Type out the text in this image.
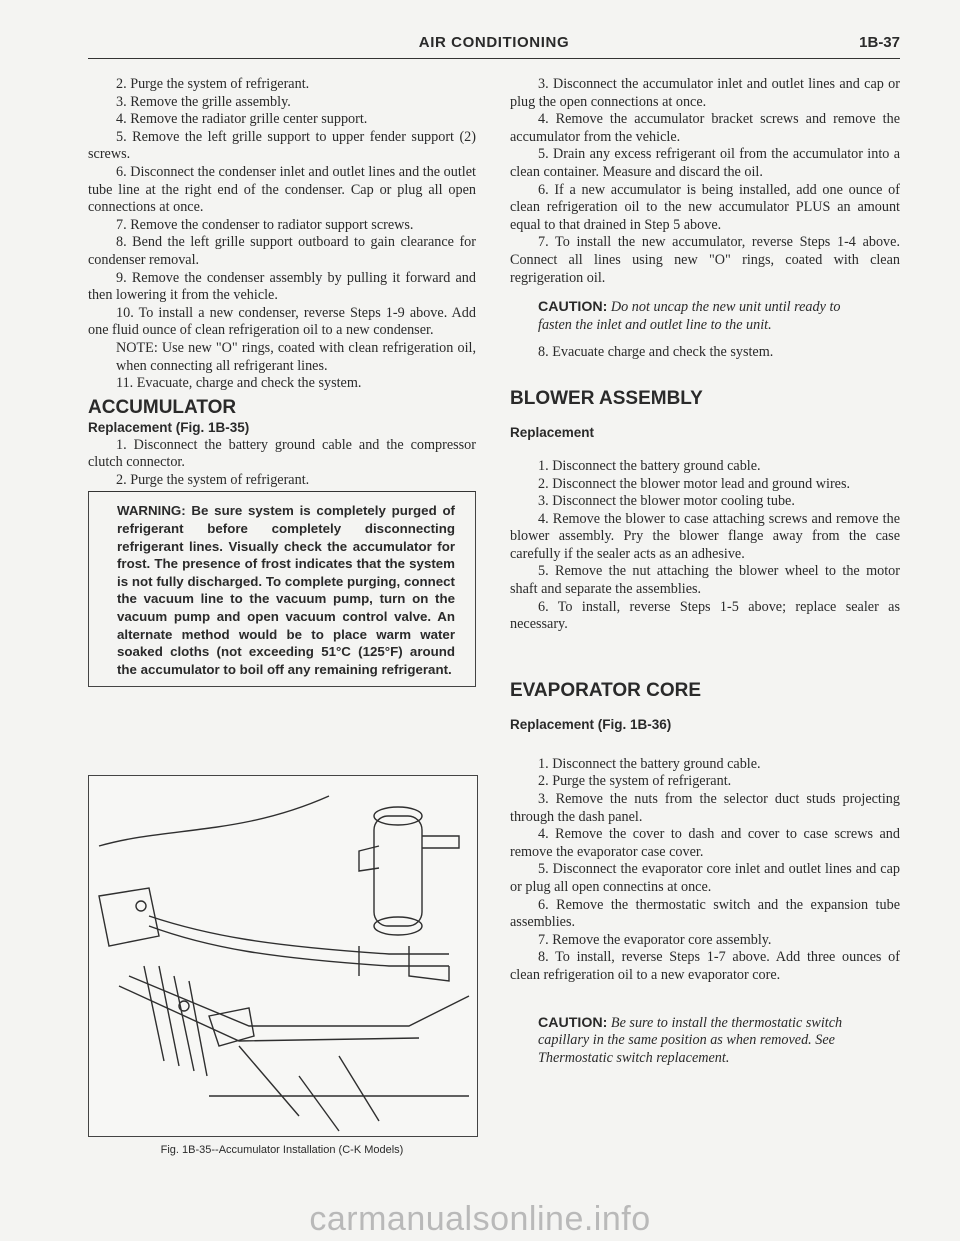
AIR CONDITIONING	1B-37

2. Purge the system of refrigerant.

3. Remove the grille assembly.

4. Remove the radiator grille center support.

5. Remove the left grille support to upper fender support (2) screws.

6. Disconnect the condenser inlet and outlet lines and the outlet tube line at the right end of the condenser. Cap or plug all open connections at once.

7. Remove the condenser to radiator support screws.

8. Bend the left grille support outboard to gain clearance for condenser removal.

9. Remove the condenser assembly by pulling it forward and then lowering it from the vehicle.

10. To install a new condenser, reverse Steps 1-9 above. Add one fluid ounce of clean refrigeration oil to a new condenser.

NOTE: Use new "O" rings, coated with clean refrigeration oil, when connecting all refrigerant lines.

11. Evacuate, charge and check the system.

ACCUMULATOR
Replacement (Fig. 1B-35)

1. Disconnect the battery ground cable and the compressor clutch connector.

2. Purge the system of refrigerant.

WARNING: Be sure system is completely purged of refrigerant before completely disconnecting refrigerant lines. Visually check the accumulator for frost. The presence of frost indicates that the system is not fully discharged. To complete purging, connect the vacuum line to the vacuum pump, turn on the vacuum pump and open vacuum control valve. An alternate method would be to place warm water soaked cloths (not exceeding 51°C (125°F) around the accumulator to boil off any remaining refrigerant.
Fig. 1B-35--Accumulator Installation (C-K Models)

3. Disconnect the accumulator inlet and outlet lines and cap or plug the open connections at once.

4. Remove the accumulator bracket screws and remove the accumulator from the vehicle.

5. Drain any excess refrigerant oil from the accumulator into a clean container. Measure and discard the oil.

6. If a new accumulator is being installed, add one ounce of clean refrigeration oil to the new accumulator PLUS an amount equal to that drained in Step 5 above.

7. To install the new accumulator, reverse Steps 1-4 above. Connect all lines using new "O" rings, coated with clean regrigeration oil.

CAUTION: Do not uncap the new unit until ready to fasten the inlet and outlet line to the unit.

8. Evacuate charge and check the system.

BLOWER ASSEMBLY
Replacement

1. Disconnect the battery ground cable.

2. Disconnect the blower motor lead and ground wires.

3. Disconnect the blower motor cooling tube.

4. Remove the blower to case attaching screws and remove the blower assembly. Pry the blower flange away from the case carefully if the sealer acts as an adhesive.

5. Remove the nut attaching the blower wheel to the motor shaft and separate the assemblies.

6. To install, reverse Steps 1-5 above; replace sealer as necessary.

EVAPORATOR CORE
Replacement (Fig. 1B-36)

1. Disconnect the battery ground cable.

2. Purge the system of refrigerant.

3. Remove the nuts from the selector duct studs projecting through the dash panel.

4. Remove the cover to dash and cover to case screws and remove the evaporator case cover.

5. Disconnect the evaporator core inlet and outlet lines and cap or plug all open connectins at once.

6. Remove the thermostatic switch and the expansion tube assemblies.

7. Remove the evaporator core assembly.

8. To install, reverse Steps 1-7 above. Add three ounces of clean refrigeration oil to a new evaporator core.

CAUTION: Be sure to install the thermostatic switch capillary in the same position as when removed. See Thermostatic switch replacement.
carmanualsonline.info
